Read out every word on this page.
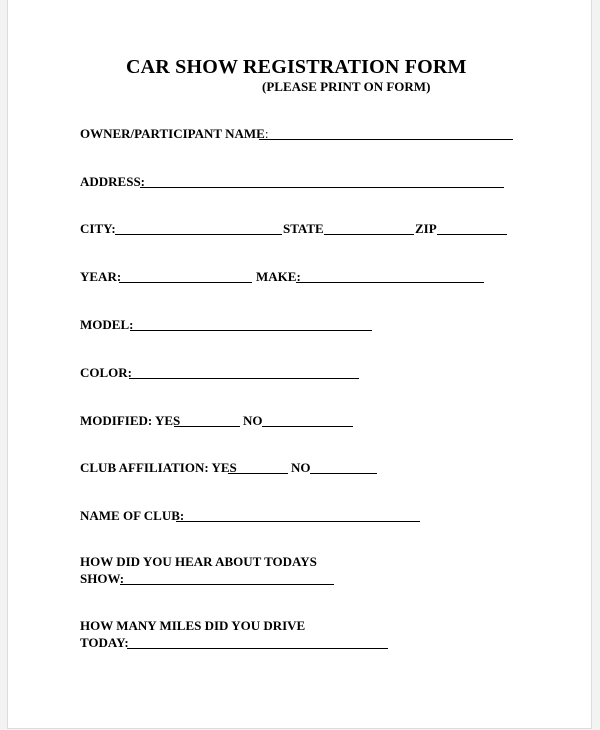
CAR SHOW REGISTRATION FORM
(PLEASE PRINT ON FORM)
OWNER/PARTICIPANT NAME:
ADDRESS:
CITY:	STATE	ZIP
YEAR:	MAKE:
MODEL:
COLOR:
MODIFIED: YES	NO
CLUB AFFILIATION: YES	NO
NAME OF CLUB:
HOW DID YOU HEAR ABOUT TODAYS
SHOW:
HOW MANY MILES DID YOU DRIVE
TODAY:
